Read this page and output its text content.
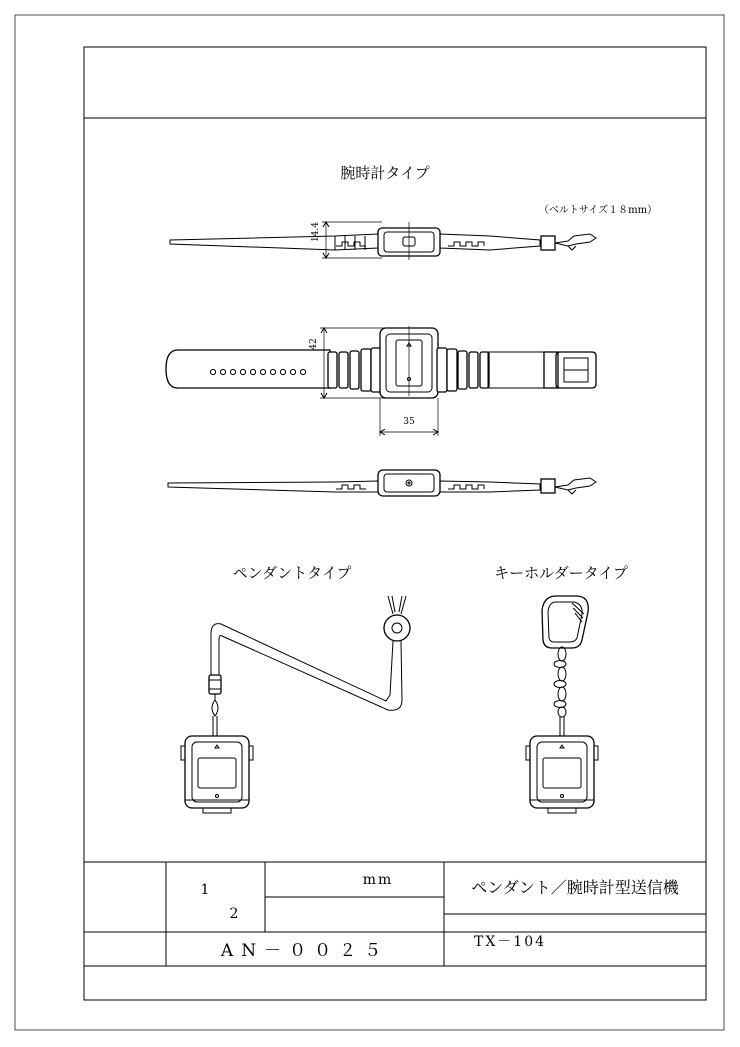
腕時計タイプ
（ベルトサイズ１８mm）
14.4
42
35
ペンダントタイプ	キーホルダータイプ
1
2
mm	ペンダント／腕時計型送信機
AN－００２５	TX－104
